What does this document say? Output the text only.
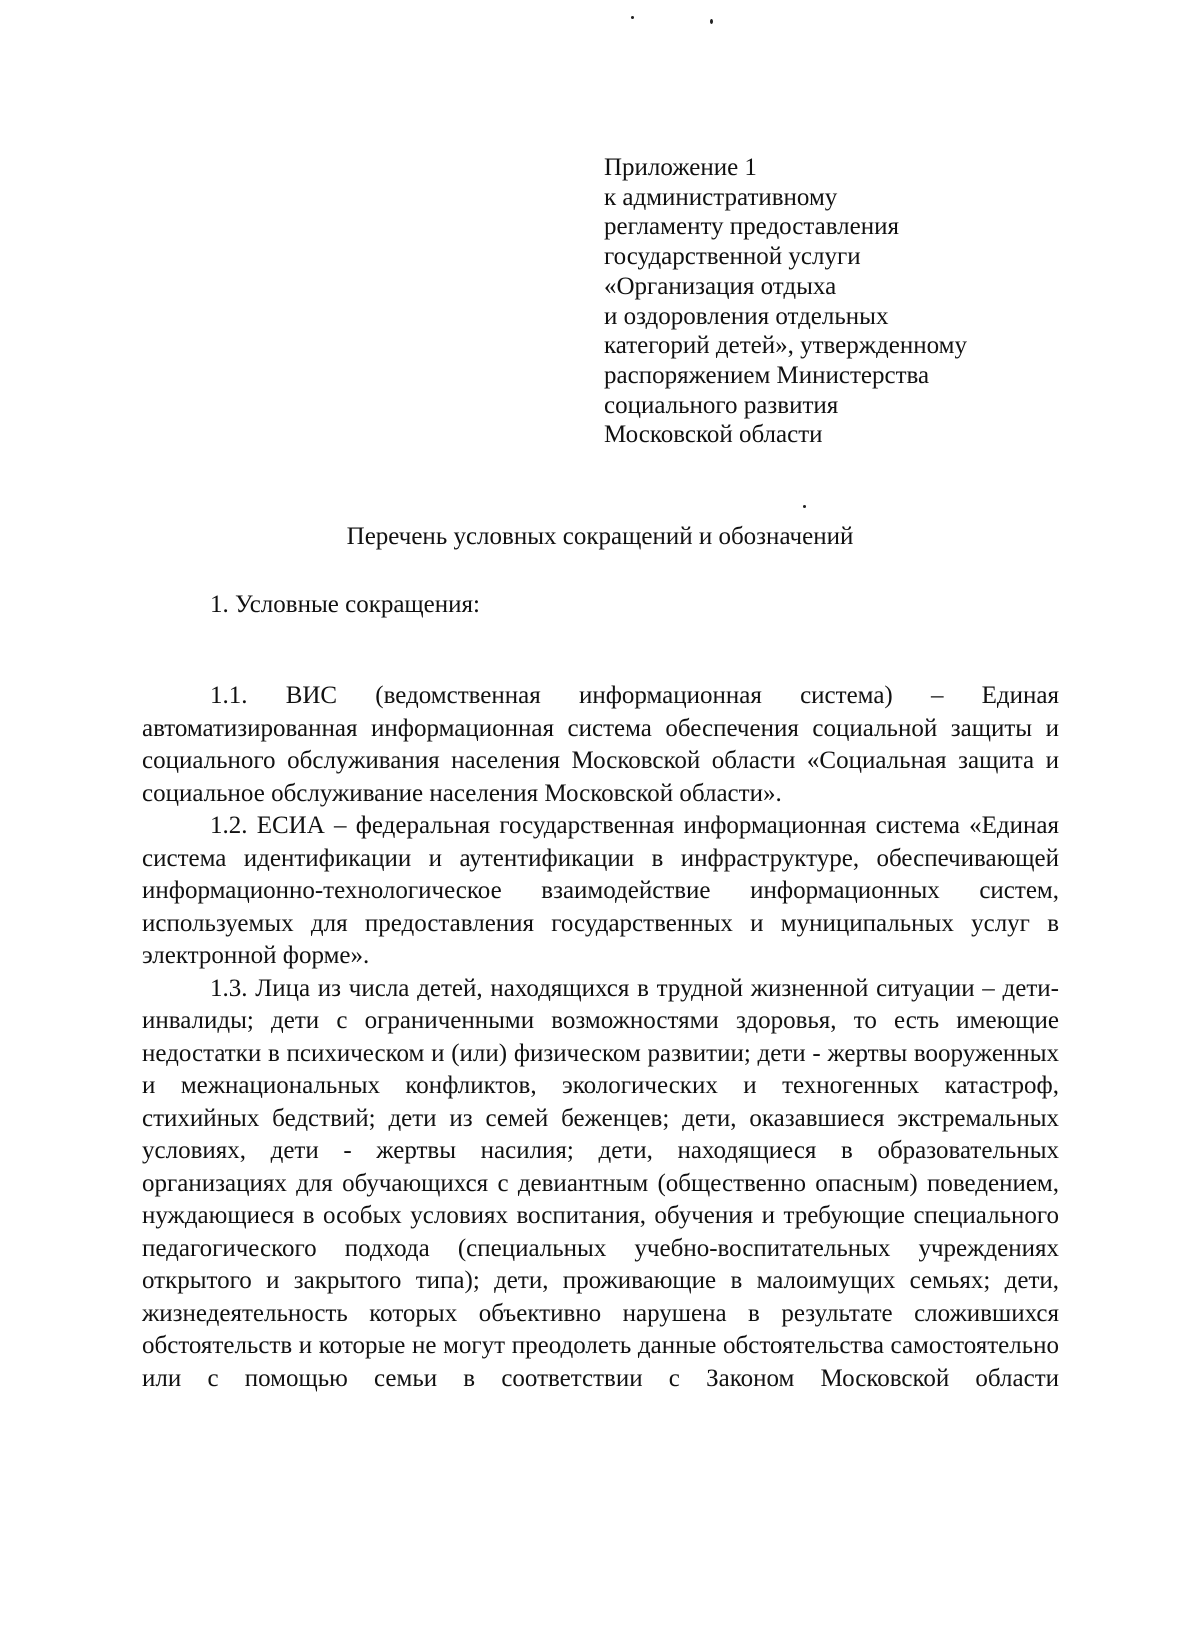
Приложение 1
к административному
регламенту предоставления
государственной услуги
«Организация отдыха
и оздоровления отдельных
категорий детей», утвержденному
распоряжением Министерства
социального развития
Московской области
Перечень условных сокращений и обозначений
1. Условные сокращения:

1.1. ВИС (ведомственная информационная система) – Единая автоматизированная информационная система обеспечения социальной защиты и социального обслуживания населения Московской области «Социальная защита и социальное обслуживание населения Московской области».

1.2. ЕСИА – федеральная государственная информационная система «Единая система идентификации и аутентификации в инфраструктуре, обеспечивающей информационно-технологическое взаимодействие информационных систем, используемых для предоставления государственных и муниципальных услуг в электронной форме».

1.3. Лица из числа детей, находящихся в трудной жизненной ситуации – дети-инвалиды; дети с ограниченными возможностями здоровья, то есть имеющие недостатки в психическом и (или) физическом развитии; дети - жертвы вооруженных и межнациональных конфликтов, экологических и техногенных катастроф, стихийных бедствий; дети из семей беженцев; дети, оказавшиеся экстремальных условиях, дети - жертвы насилия; дети, находящиеся в образовательных организациях для обучающихся с девиантным (общественно опасным) поведением, нуждающиеся в особых условиях воспитания, обучения и требующие специального педагогического подхода (специальных учебно-воспитательных учреждениях открытого и закрытого типа); дети, проживающие в малоимущих семьях; дети, жизнедеятельность которых объективно нарушена в результате сложившихся обстоятельств и которые не могут преодолеть данные обстоятельства самостоятельно или с помощью семьи в соответствии с Законом Московской области
